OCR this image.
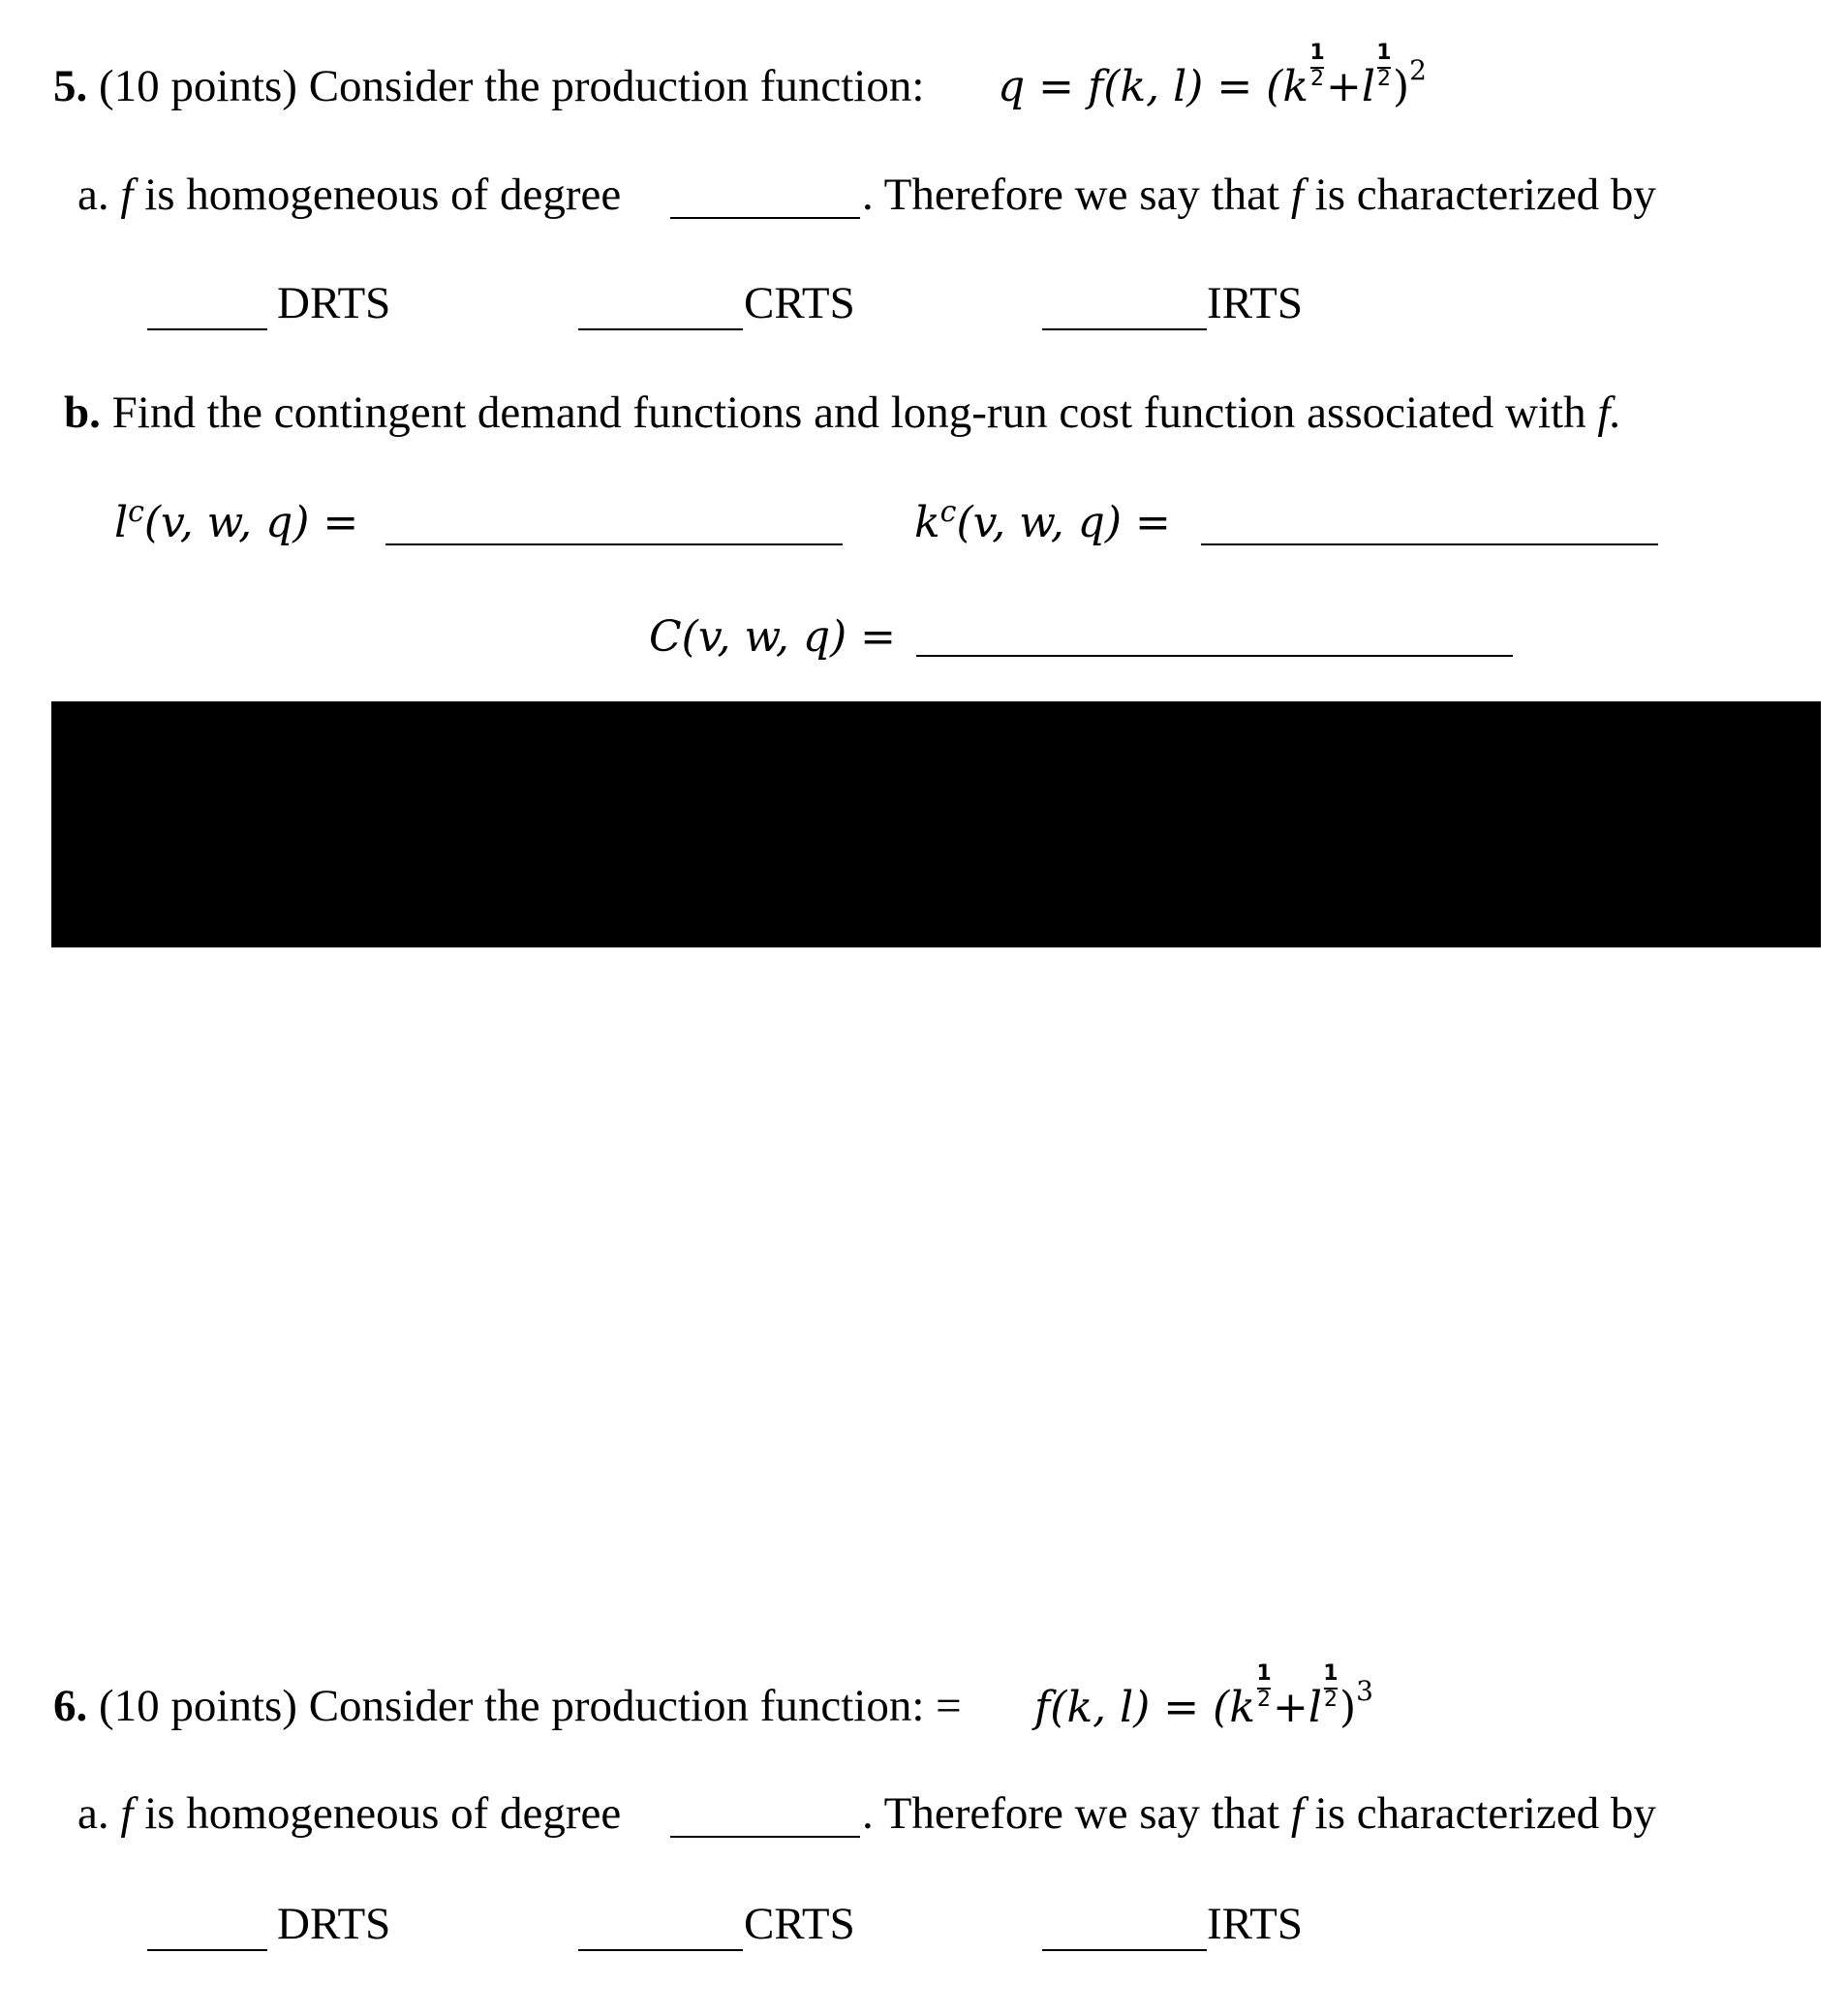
5. (10 points) Consider the production function: q = f(k, $l) = (k \frac{1}{2} +l \frac{1}{2} )^2$
a. f is homogeneous of degree	. Therefore we say that f is characterized by
DRTS	CRTS	IRTS
b. Find the contingent demand functions and long-run cost function associated with f.
$l^c(v$, w, q) =	$k^c(v$, w, q) =
C(v, w, q) =
6. (10 points) Consider the production function: = f(k, $l) = (k \frac{1}{2} +l \frac{1}{2} )^3$
a. f is homogeneous of degree	. Therefore we say that f is characterized by
DRTS	CRTS	IRTS
